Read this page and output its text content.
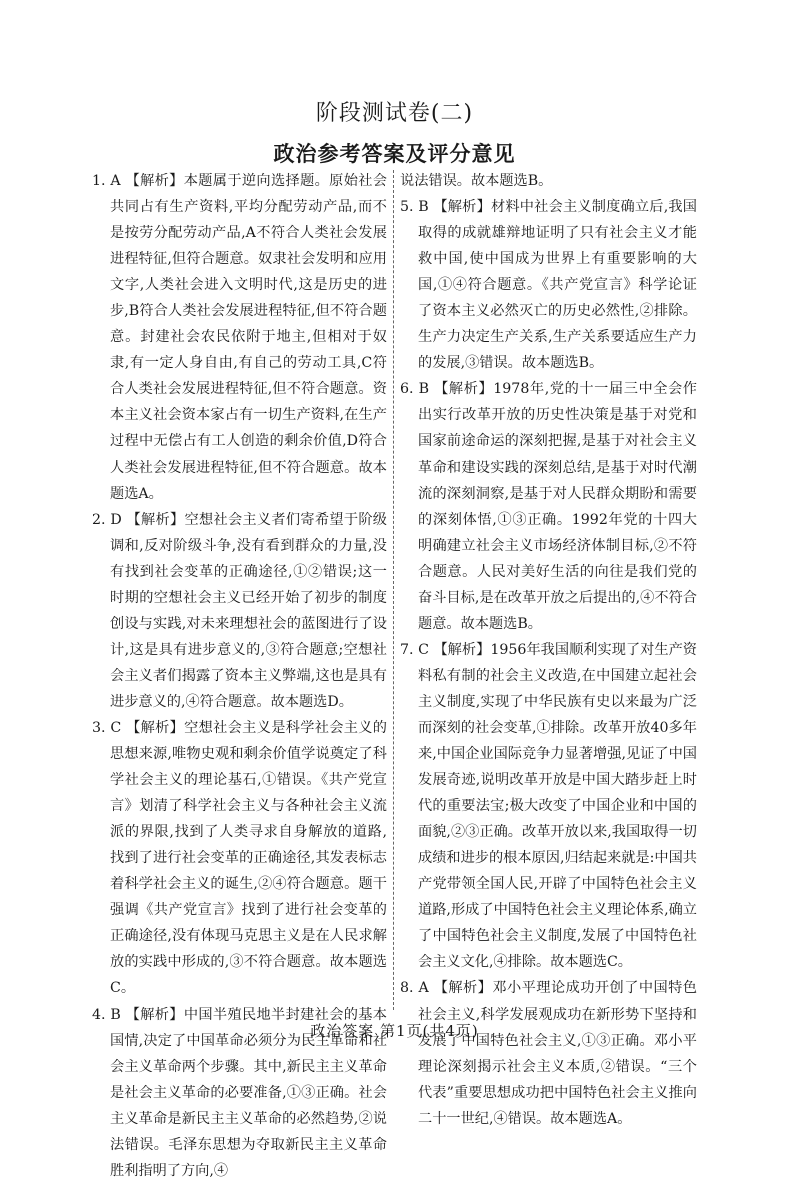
阶段测试卷(二)
政治参考答案及评分意见

1. A 【解析】本题属于逆向选择题。原始社会共同占有生产资料,平均分配劳动产品,而不是按劳分配劳动产品,A不符合人类社会发展进程特征,但符合题意。奴隶社会发明和应用文字,人类社会进入文明时代,这是历史的进步,B符合人类社会发展进程特征,但不符合题意。封建社会农民依附于地主,但相对于奴隶,有一定人身自由,有自己的劳动工具,C符合人类社会发展进程特征,但不符合题意。资本主义社会资本家占有一切生产资料,在生产过程中无偿占有工人创造的剩余价值,D符合人类社会发展进程特征,但不符合题意。故本题选A。

2. D 【解析】空想社会主义者们寄希望于阶级调和,反对阶级斗争,没有看到群众的力量,没有找到社会变革的正确途径,①②错误;这一时期的空想社会主义已经开始了初步的制度创设与实践,对未来理想社会的蓝图进行了设计,这是具有进步意义的,③符合题意;空想社会主义者们揭露了资本主义弊端,这也是具有进步意义的,④符合题意。故本题选D。

3. C 【解析】空想社会主义是科学社会主义的思想来源,唯物史观和剩余价值学说奠定了科学社会主义的理论基石,①错误。《共产党宣言》划清了科学社会主义与各种社会主义流派的界限,找到了人类寻求自身解放的道路,找到了进行社会变革的正确途径,其发表标志着科学社会主义的诞生,②④符合题意。题干强调《共产党宣言》找到了进行社会变革的正确途径,没有体现马克思主义是在人民求解放的实践中形成的,③不符合题意。故本题选C。

4. B 【解析】中国半殖民地半封建社会的基本国情,决定了中国革命必须分为民主革命和社会主义革命两个步骤。其中,新民主主义革命是社会主义革命的必要准备,①③正确。社会主义革命是新民主主义革命的必然趋势,②说法错误。毛泽东思想为夺取新民主主义革命胜利指明了方向,④

说法错误。故本题选B。

5. B 【解析】材料中社会主义制度确立后,我国取得的成就雄辩地证明了只有社会主义才能救中国,使中国成为世界上有重要影响的大国,①④符合题意。《共产党宣言》科学论证了资本主义必然灭亡的历史必然性,②排除。生产力决定生产关系,生产关系要适应生产力的发展,③错误。故本题选B。

6. B 【解析】1978年,党的十一届三中全会作出实行改革开放的历史性决策是基于对党和国家前途命运的深刻把握,是基于对社会主义革命和建设实践的深刻总结,是基于对时代潮流的深刻洞察,是基于对人民群众期盼和需要的深刻体悟,①③正确。1992年党的十四大明确建立社会主义市场经济体制目标,②不符合题意。人民对美好生活的向往是我们党的奋斗目标,是在改革开放之后提出的,④不符合题意。故本题选B。

7. C 【解析】1956年我国顺利实现了对生产资料私有制的社会主义改造,在中国建立起社会主义制度,实现了中华民族有史以来最为广泛而深刻的社会变革,①排除。改革开放40多年来,中国企业国际竞争力显著增强,见证了中国发展奇迹,说明改革开放是中国大踏步赶上时代的重要法宝;极大改变了中国企业和中国的面貌,②③正确。改革开放以来,我国取得一切成绩和进步的根本原因,归结起来就是:中国共产党带领全国人民,开辟了中国特色社会主义道路,形成了中国特色社会主义理论体系,确立了中国特色社会主义制度,发展了中国特色社会主义文化,④排除。故本题选C。

8. A 【解析】邓小平理论成功开创了中国特色社会主义,科学发展观成功在新形势下坚持和发展了中国特色社会主义,①③正确。邓小平理论深刻揭示社会主义本质,②错误。“三个代表”重要思想成功把中国特色社会主义推向二十一世纪,④错误。故本题选A。

政治答案 第1页(共4页)
